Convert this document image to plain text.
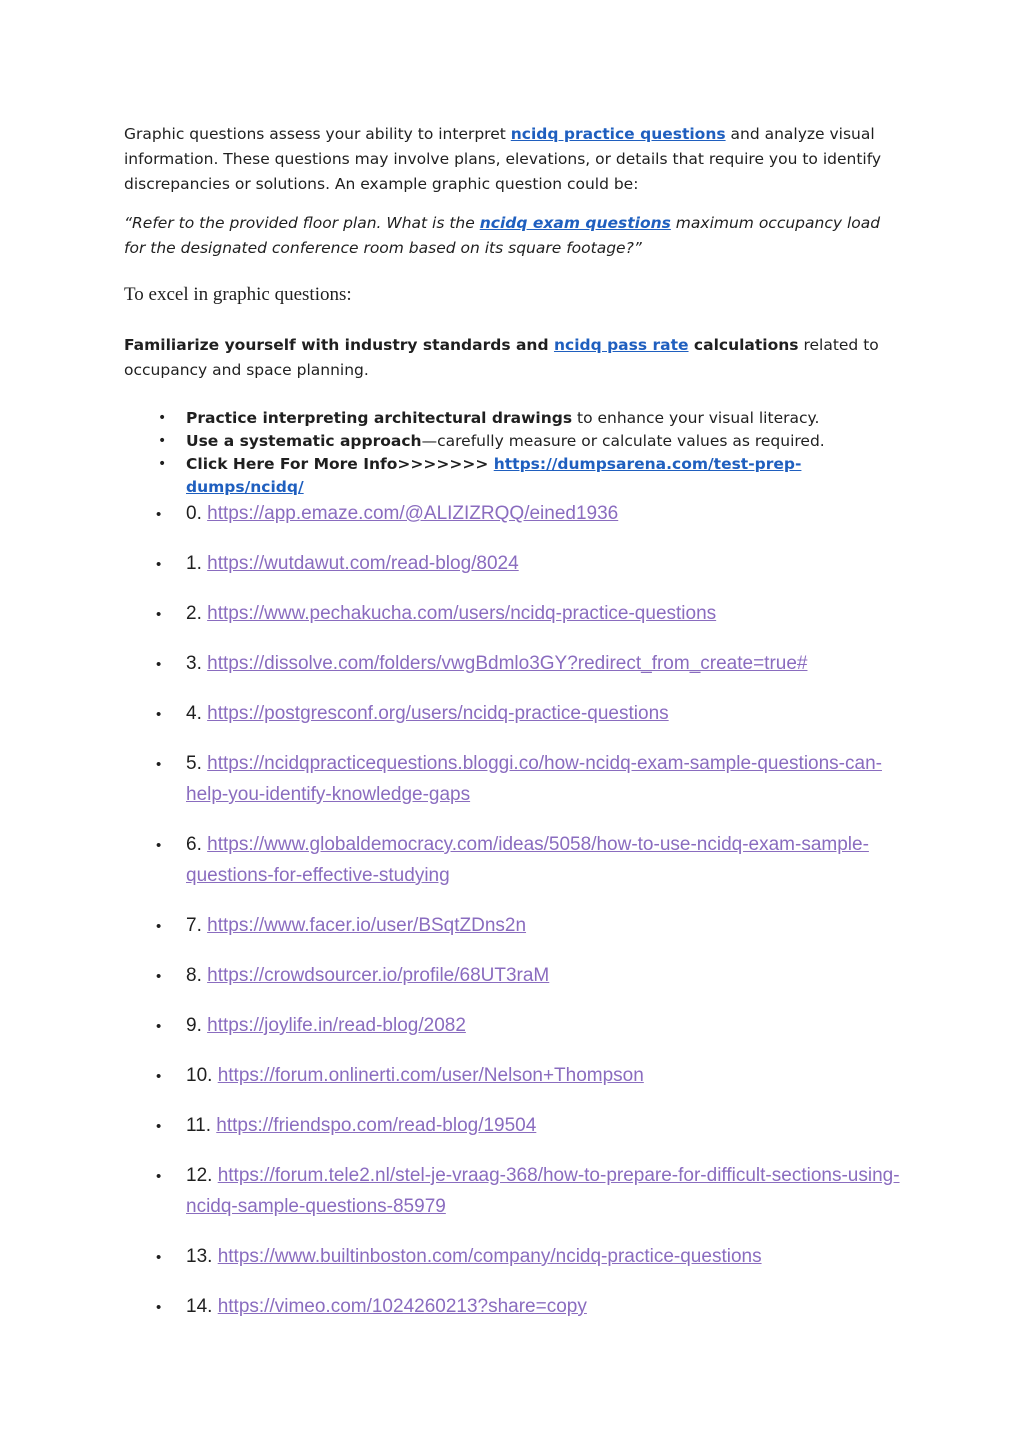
Graphic questions assess your ability to interpret ncidq practice questions and analyze visual information. These questions may involve plans, elevations, or details that require you to identify discrepancies or solutions. An example graphic question could be:
“Refer to the provided floor plan. What is the ncidq exam questions maximum occupancy load for the designated conference room based on its square footage?”
To excel in graphic questions:
Familiarize yourself with industry standards and ncidq pass rate calculations related to occupancy and space planning.
• Practice interpreting architectural drawings to enhance your visual literacy.
• Use a systematic approach—carefully measure or calculate values as required.
• Click Here For More Info>>>>>>> https://dumpsarena.com/test-prep-dumps/ncidq/
• 0. https://app.emaze.com/@ALIZIZRQQ/eined1936
• 1. https://wutdawut.com/read-blog/8024
• 2. https://www.pechakucha.com/users/ncidq-practice-questions
• 3. https://dissolve.com/folders/vwgBdmlo3GY?redirect_from_create=true#
• 4. https://postgresconf.org/users/ncidq-practice-questions
• 5. https://ncidqpracticequestions.bloggi.co/how-ncidq-exam-sample-questions-can-help-you-identify-knowledge-gaps
• 6. https://www.globaldemocracy.com/ideas/5058/how-to-use-ncidq-exam-sample-questions-for-effective-studying
• 7. https://www.facer.io/user/BSqtZDns2n
• 8. https://crowdsourcer.io/profile/68UT3raM
• 9. https://joylife.in/read-blog/2082
• 10. https://forum.onlinerti.com/user/Nelson+Thompson
• 11. https://friendspo.com/read-blog/19504
• 12. https://forum.tele2.nl/stel-je-vraag-368/how-to-prepare-for-difficult-sections-using-ncidq-sample-questions-85979
• 13. https://www.builtinboston.com/company/ncidq-practice-questions
• 14. https://vimeo.com/1024260213?share=copy
